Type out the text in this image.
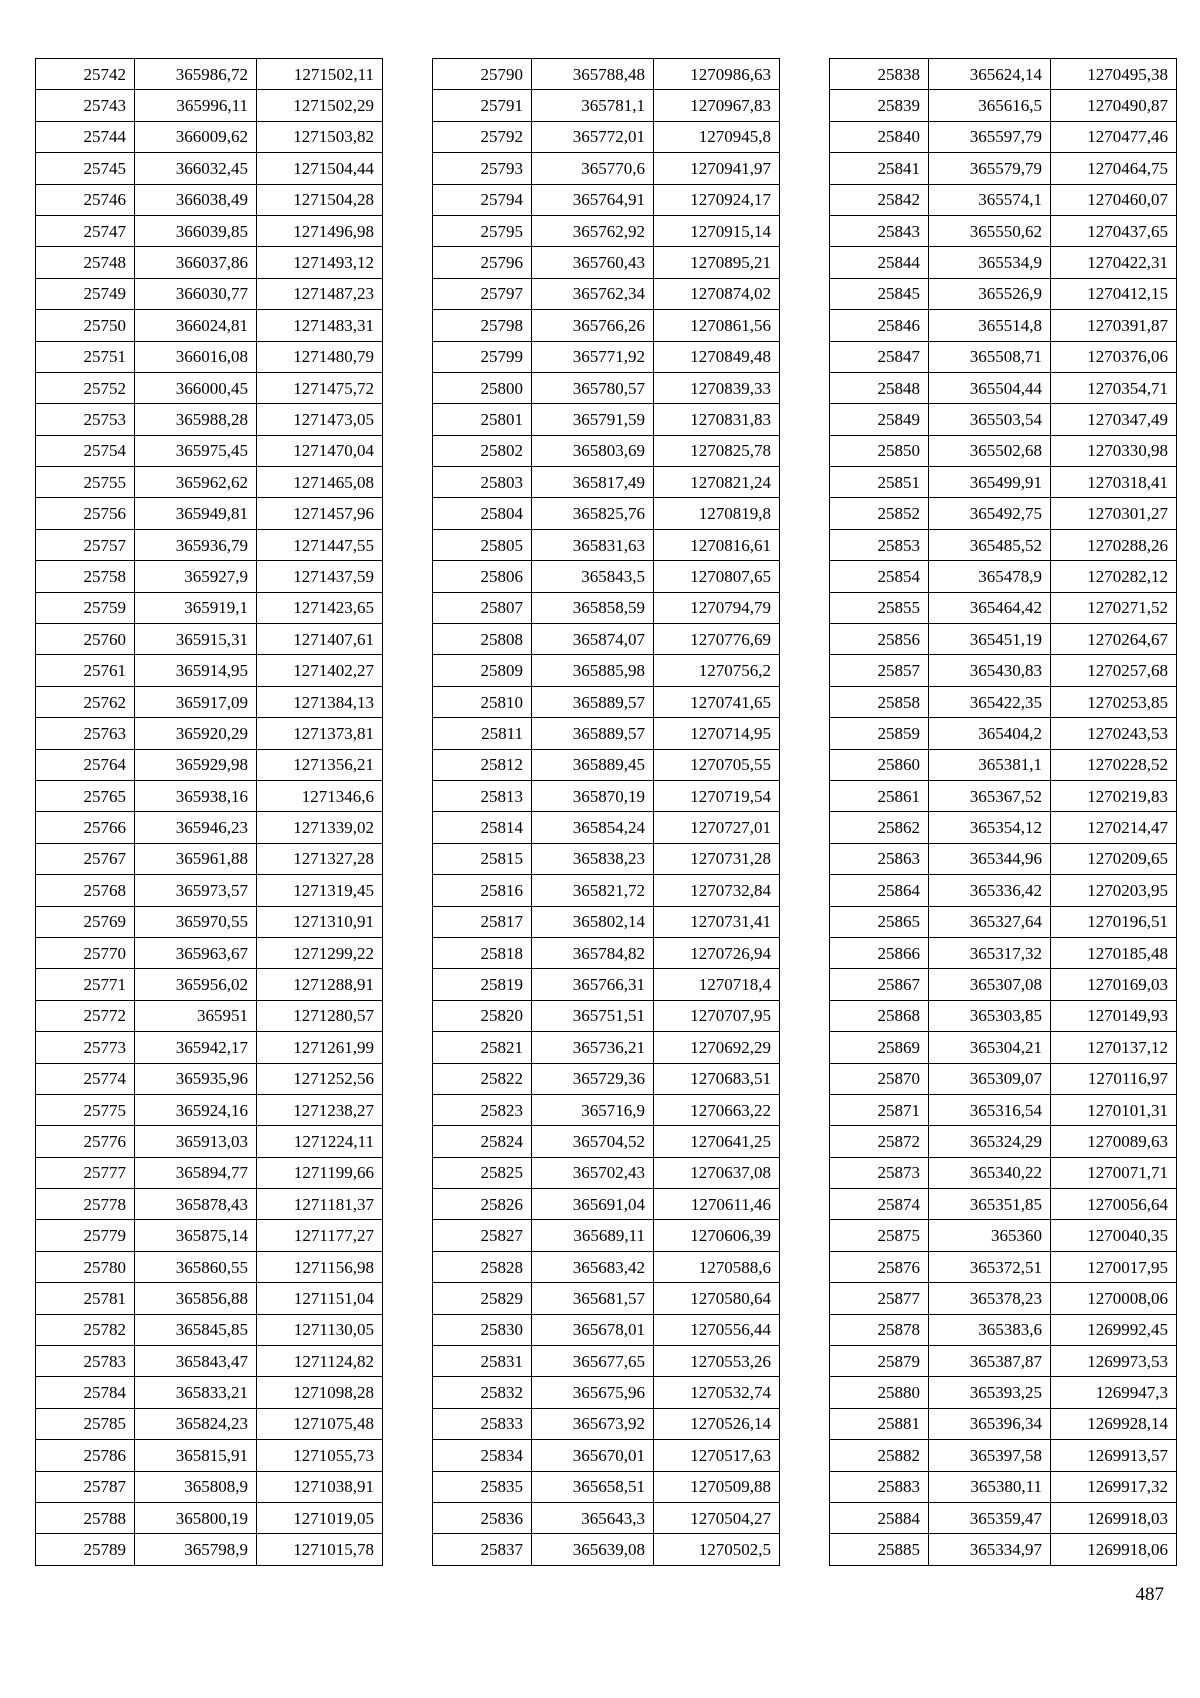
25742	365986,72	1271502,11
25743	365996,11	1271502,29
25744	366009,62	1271503,82
25745	366032,45	1271504,44
25746	366038,49	1271504,28
25747	366039,85	1271496,98
25748	366037,86	1271493,12
25749	366030,77	1271487,23
25750	366024,81	1271483,31
25751	366016,08	1271480,79
25752	366000,45	1271475,72
25753	365988,28	1271473,05
25754	365975,45	1271470,04
25755	365962,62	1271465,08
25756	365949,81	1271457,96
25757	365936,79	1271447,55
25758	365927,9	1271437,59
25759	365919,1	1271423,65
25760	365915,31	1271407,61
25761	365914,95	1271402,27
25762	365917,09	1271384,13
25763	365920,29	1271373,81
25764	365929,98	1271356,21
25765	365938,16	1271346,6
25766	365946,23	1271339,02
25767	365961,88	1271327,28
25768	365973,57	1271319,45
25769	365970,55	1271310,91
25770	365963,67	1271299,22
25771	365956,02	1271288,91
25772	365951	1271280,57
25773	365942,17	1271261,99
25774	365935,96	1271252,56
25775	365924,16	1271238,27
25776	365913,03	1271224,11
25777	365894,77	1271199,66
25778	365878,43	1271181,37
25779	365875,14	1271177,27
25780	365860,55	1271156,98
25781	365856,88	1271151,04
25782	365845,85	1271130,05
25783	365843,47	1271124,82
25784	365833,21	1271098,28
25785	365824,23	1271075,48
25786	365815,91	1271055,73
25787	365808,9	1271038,91
25788	365800,19	1271019,05
25789	365798,9	1271015,78
25790	365788,48	1270986,63
25791	365781,1	1270967,83
25792	365772,01	1270945,8
25793	365770,6	1270941,97
25794	365764,91	1270924,17
25795	365762,92	1270915,14
25796	365760,43	1270895,21
25797	365762,34	1270874,02
25798	365766,26	1270861,56
25799	365771,92	1270849,48
25800	365780,57	1270839,33
25801	365791,59	1270831,83
25802	365803,69	1270825,78
25803	365817,49	1270821,24
25804	365825,76	1270819,8
25805	365831,63	1270816,61
25806	365843,5	1270807,65
25807	365858,59	1270794,79
25808	365874,07	1270776,69
25809	365885,98	1270756,2
25810	365889,57	1270741,65
25811	365889,57	1270714,95
25812	365889,45	1270705,55
25813	365870,19	1270719,54
25814	365854,24	1270727,01
25815	365838,23	1270731,28
25816	365821,72	1270732,84
25817	365802,14	1270731,41
25818	365784,82	1270726,94
25819	365766,31	1270718,4
25820	365751,51	1270707,95
25821	365736,21	1270692,29
25822	365729,36	1270683,51
25823	365716,9	1270663,22
25824	365704,52	1270641,25
25825	365702,43	1270637,08
25826	365691,04	1270611,46
25827	365689,11	1270606,39
25828	365683,42	1270588,6
25829	365681,57	1270580,64
25830	365678,01	1270556,44
25831	365677,65	1270553,26
25832	365675,96	1270532,74
25833	365673,92	1270526,14
25834	365670,01	1270517,63
25835	365658,51	1270509,88
25836	365643,3	1270504,27
25837	365639,08	1270502,5
25838	365624,14	1270495,38
25839	365616,5	1270490,87
25840	365597,79	1270477,46
25841	365579,79	1270464,75
25842	365574,1	1270460,07
25843	365550,62	1270437,65
25844	365534,9	1270422,31
25845	365526,9	1270412,15
25846	365514,8	1270391,87
25847	365508,71	1270376,06
25848	365504,44	1270354,71
25849	365503,54	1270347,49
25850	365502,68	1270330,98
25851	365499,91	1270318,41
25852	365492,75	1270301,27
25853	365485,52	1270288,26
25854	365478,9	1270282,12
25855	365464,42	1270271,52
25856	365451,19	1270264,67
25857	365430,83	1270257,68
25858	365422,35	1270253,85
25859	365404,2	1270243,53
25860	365381,1	1270228,52
25861	365367,52	1270219,83
25862	365354,12	1270214,47
25863	365344,96	1270209,65
25864	365336,42	1270203,95
25865	365327,64	1270196,51
25866	365317,32	1270185,48
25867	365307,08	1270169,03
25868	365303,85	1270149,93
25869	365304,21	1270137,12
25870	365309,07	1270116,97
25871	365316,54	1270101,31
25872	365324,29	1270089,63
25873	365340,22	1270071,71
25874	365351,85	1270056,64
25875	365360	1270040,35
25876	365372,51	1270017,95
25877	365378,23	1270008,06
25878	365383,6	1269992,45
25879	365387,87	1269973,53
25880	365393,25	1269947,3
25881	365396,34	1269928,14
25882	365397,58	1269913,57
25883	365380,11	1269917,32
25884	365359,47	1269918,03
25885	365334,97	1269918,06
487
